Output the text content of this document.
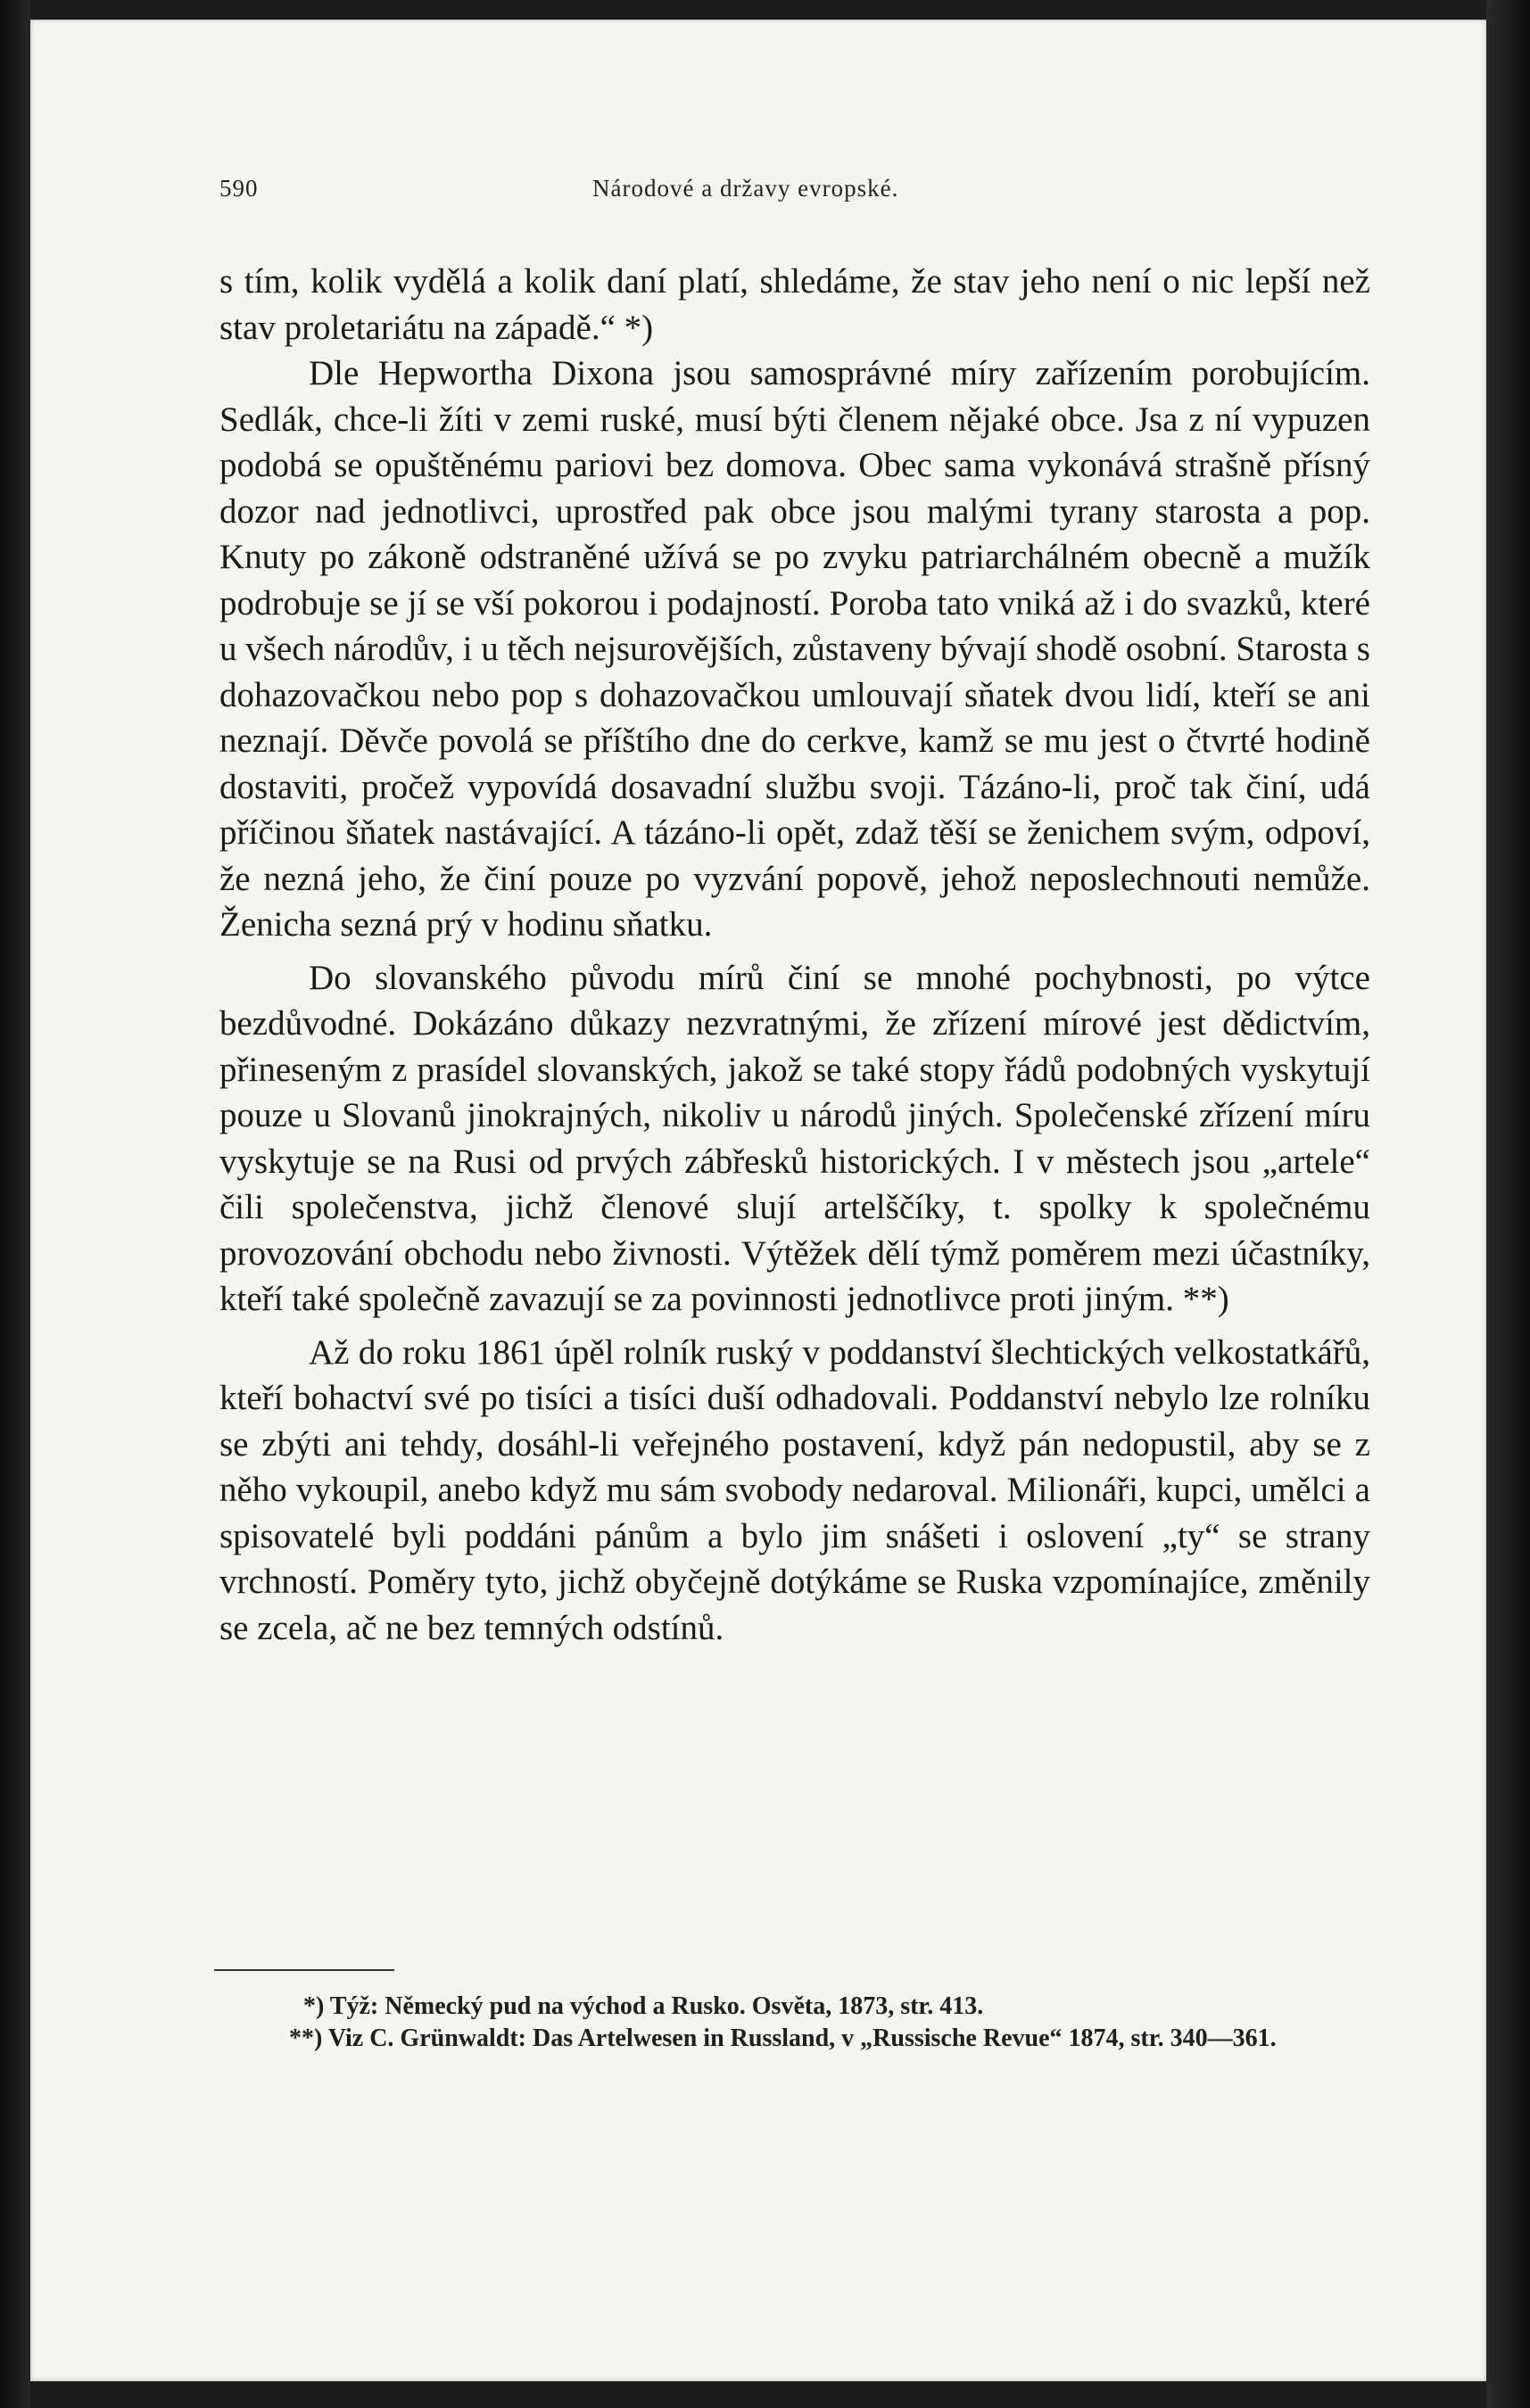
590	Národové a državy evropské.

s tím, kolik vydělá a kolik daní platí, shledáme, že stav jeho není o nic lepší než stav proletariátu na západě.“ *)

Dle Hepwortha Dixona jsou samosprávné míry zařízením porobujícím. Sedlák, chce-li žíti v zemi ruské, musí býti členem nějaké obce. Jsa z ní vypuzen podobá se opuštěnému pariovi bez domova. Obec sama vykonává strašně přísný dozor nad jednotlivci, uprostřed pak obce jsou malými tyrany starosta a pop. Knuty po zákoně odstraněné užívá se po zvyku patriarchálném obecně a mužík podrobuje se jí se vší pokorou i podajností. Poroba tato vniká až i do svazků, které u všech národův, i u těch nejsurovějších, zůstaveny bývají shodě osobní. Starosta s dohazovačkou nebo pop s dohazovačkou umlouvají sňatek dvou lidí, kteří se ani neznají. Děvče povolá se příštího dne do cerkve, kamž se mu jest o čtvrté hodině dostaviti, pročež vypovídá dosavadní službu svoji. Tázáno-li, proč tak činí, udá příčinou šňatek nastávající. A tázáno-li opět, zdaž těší se ženichem svým, odpoví, že nezná jeho, že činí pouze po vyzvání popově, jehož neposlechnouti nemůže. Ženicha sezná prý v hodinu sňatku.

Do slovanského původu mírů činí se mnohé pochybnosti, po výtce bezdůvodné. Dokázáno důkazy nezvratnými, že zřízení mírové jest dědictvím, přineseným z prasídel slovanských, jakož se také stopy řádů podobných vyskytují pouze u Slovanů jinokrajných, nikoliv u národů jiných. Společenské zřízení míru vyskytuje se na Rusi od prvých zábřesků historických. I v městech jsou „artele“ čili společenstva, jichž členové slují artelščíky, t. spolky k společnému provozování obchodu nebo živnosti. Výtěžek dělí týmž poměrem mezi účastníky, kteří také společně zavazují se za povinnosti jednotlivce proti jiným. **)

Až do roku 1861 úpěl rolník ruský v poddanství šlechtických velkostatkářů, kteří bohactví své po tisíci a tisíci duší odhadovali. Poddanství nebylo lze rolníku se zbýti ani tehdy, dosáhl-li veřejného postavení, když pán nedopustil, aby se z něho vykoupil, anebo když mu sám svobody nedaroval. Milionáři, kupci, umělci a spisovatelé byli poddáni pánům a bylo jim snášeti i oslovení „ty“ se strany vrchností. Poměry tyto, jichž obyčejně dotýkáme se Ruska vzpomínajíce, změnily se zcela, ač ne bez temných odstínů.

*) Týž: Německý pud na východ a Rusko. Osvěta, 1873, str. 413.

**) Viz C. Grünwaldt: Das Artelwesen in Russland, v „Russische Revue“ 1874, str. 340—361.
